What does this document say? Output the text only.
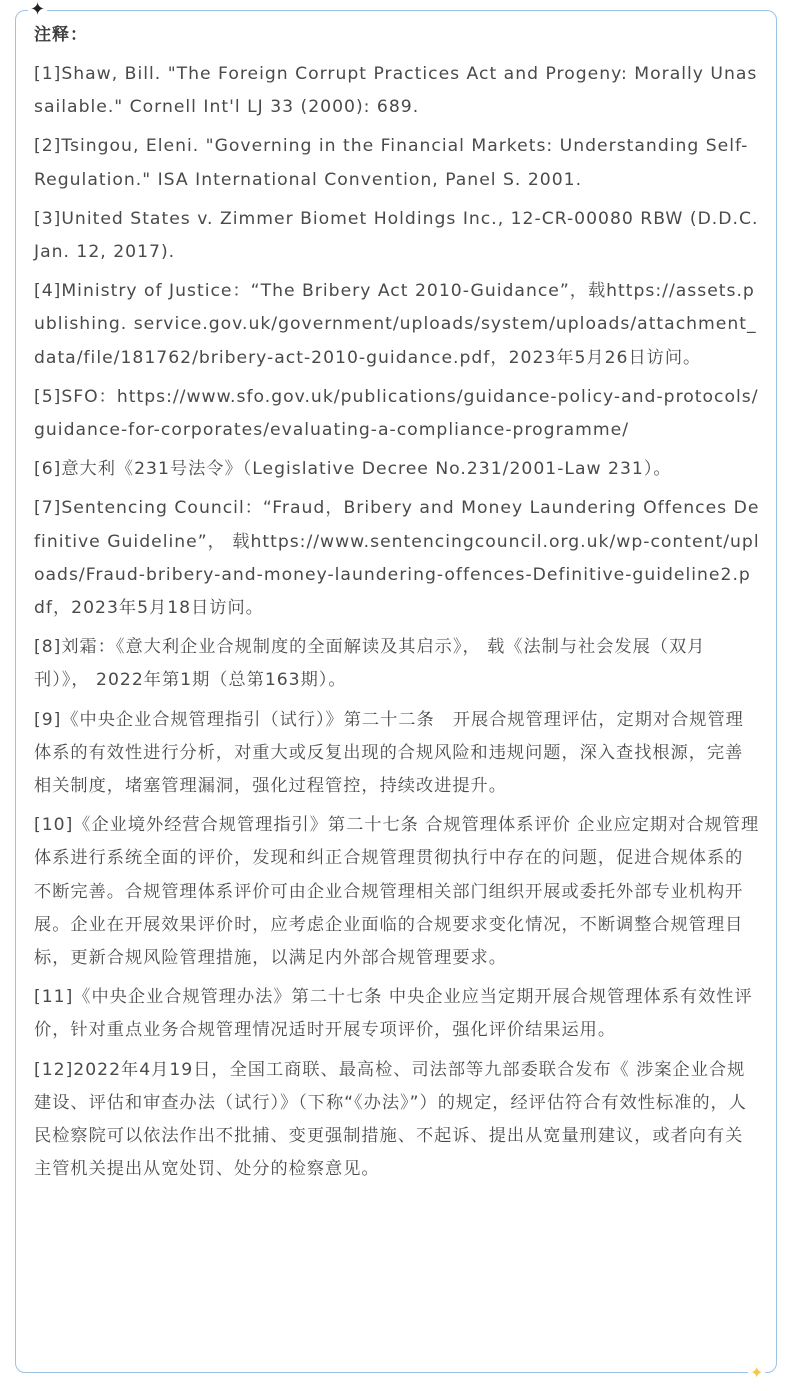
✦
✦
注释：
[1]Shaw, Bill. "The Foreign Corrupt Practices Act and Progeny: Morally Unassailable." Cornell Int'l LJ 33 (2000): 689.
[2]Tsingou, Eleni. "Governing in the Financial Markets: Understanding Self-Regulation." ISA International Convention, Panel S. 2001.
[3]United States v. Zimmer Biomet Holdings Inc., 12-CR-00080 RBW (D.D.C. Jan. 12, 2017).
[4]Ministry of Justice：“The Bribery Act 2010-Guidance”，载https://assets.publishing. service.gov.uk/government/uploads/system/uploads/attachment_data/file/181762/bribery-act-2010-guidance.pdf，2023年5月26日访问。
[5]SFO：https://www.sfo.gov.uk/publications/guidance-policy-and-protocols/guidance-for-corporates/evaluating-a-compliance-programme/
[6]意大利《231号法令》（Legislative Decree No.231/2001-Law 231）。
[7]Sentencing Council：“Fraud，Bribery and Money Laundering Offences Definitive Guideline”， 载https://www.sentencingcouncil.org.uk/wp-content/uploads/Fraud-bribery-and-money-laundering-offences-Definitive-guideline2.pdf，2023年5月18日访问。
[8]刘霜：《意大利企业合规制度的全面解读及其启示》， 载《法制与社会发展（双月刊）》， 2022年第1期（总第163期）。
[9]《中央企业合规管理指引（试行）》第二十二条　开展合规管理评估，定期对合规管理体系的有效性进行分析，对重大或反复出现的合规风险和违规问题，深入查找根源，完善相关制度，堵塞管理漏洞，强化过程管控，持续改进提升。
[10]《企业境外经营合规管理指引》第二十七条 合规管理体系评价 企业应定期对合规管理体系进行系统全面的评价，发现和纠正合规管理贯彻执行中存在的问题，促进合规体系的不断完善。合规管理体系评价可由企业合规管理相关部门组织开展或委托外部专业机构开展。企业在开展效果评价时，应考虑企业面临的合规要求变化情况，不断调整合规管理目标，更新合规风险管理措施，以满足内外部合规管理要求。
[11]《中央企业合规管理办法》第二十七条 中央企业应当定期开展合规管理体系有效性评价，针对重点业务合规管理情况适时开展专项评价，强化评价结果运用。
[12]2022年4月19日，全国工商联、最高检、司法部等九部委联合发布《 涉案企业合规建设、评估和审查办法（试行）》（下称“《办法》”）的规定，经评估符合有效性标准的，人民检察院可以依法作出不批捕、变更强制措施、不起诉、提出从宽量刑建议，或者向有关主管机关提出从宽处罚、处分的检察意见。
